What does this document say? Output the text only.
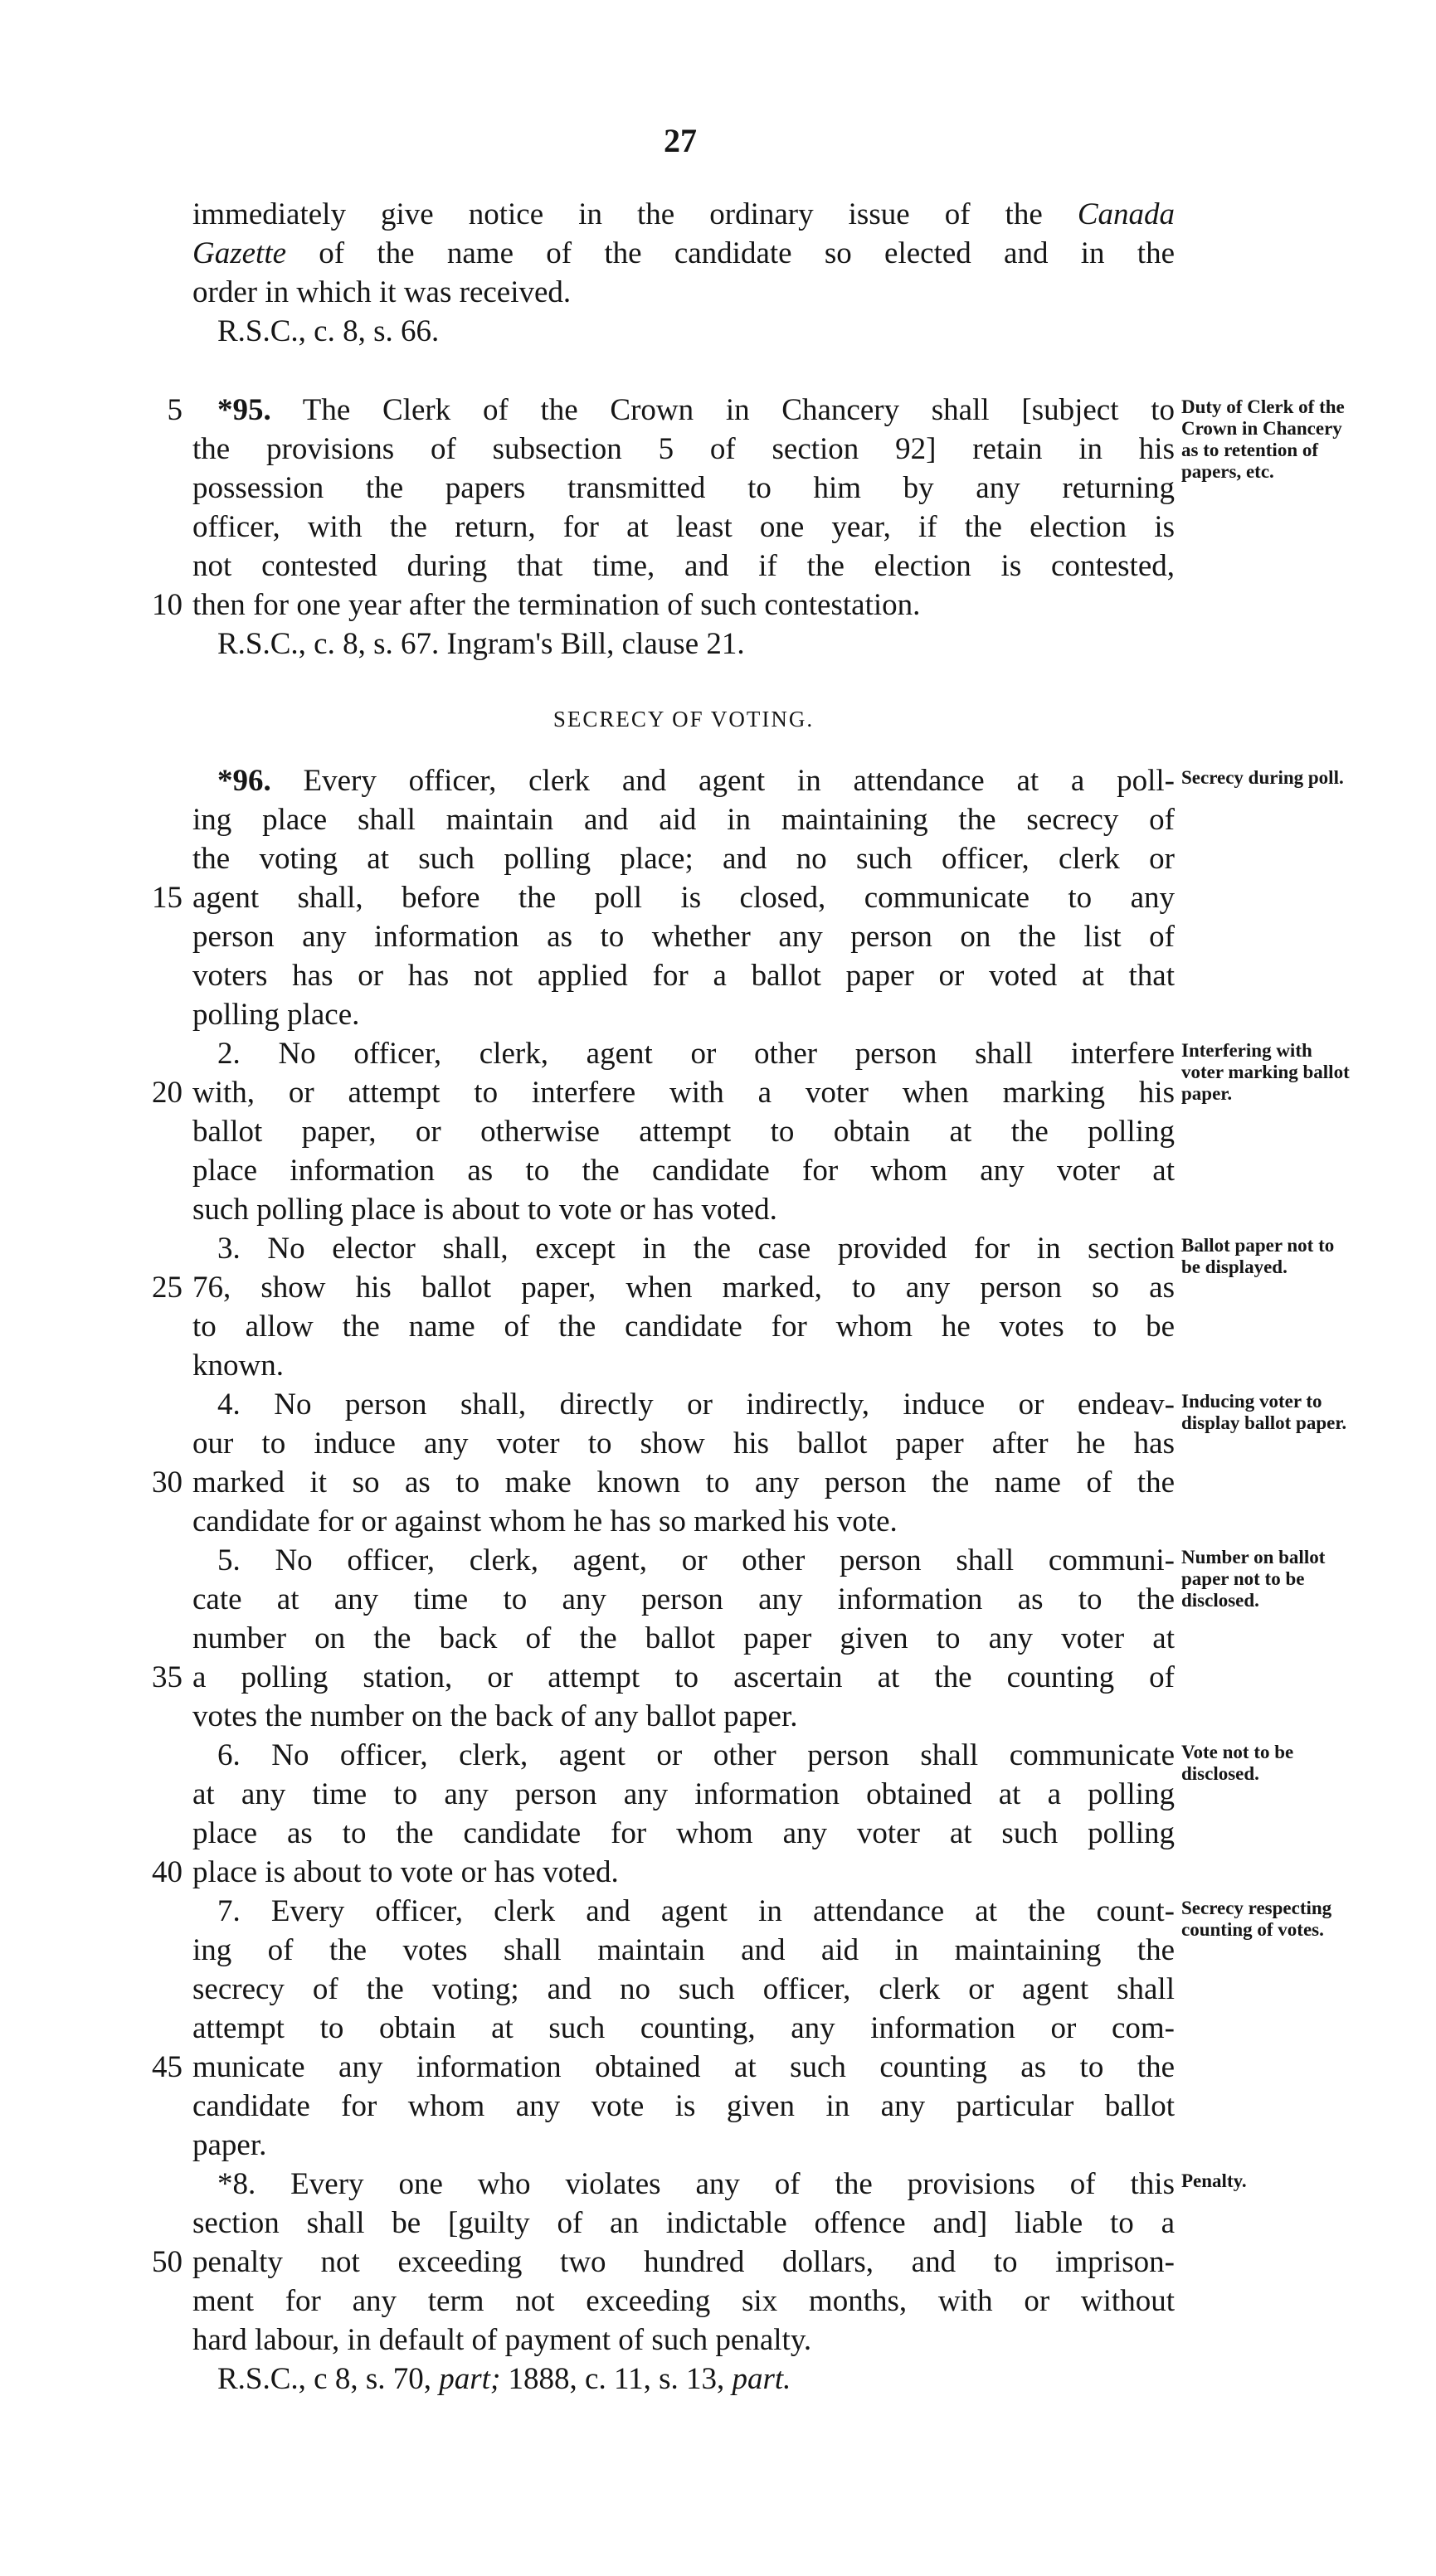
27
immediately give notice in the ordinary issue of the Canada
Gazette of the name of the candidate so elected and in the
order in which it was received.
R.S.C., c. 8, s. 66.
*95. The Clerk of the Crown in Chancery shall [subject to
the provisions of subsection 5 of section 92] retain in his
possession the papers transmitted to him by any returning
officer, with the return, for at least one year, if the election is
not contested during that time, and if the election is contested,
then for one year after the termination of such contestation.
R.S.C., c. 8, s. 67. Ingram's Bill, clause 21.
SECRECY OF VOTING.
*96. Every officer, clerk and agent in attendance at a poll-
ing place shall maintain and aid in maintaining the secrecy of
the voting at such polling place; and no such officer, clerk or
agent shall, before the poll is closed, communicate to any
person any information as to whether any person on the list of
voters has or has not applied for a ballot paper or voted at that
polling place.
2. No officer, clerk, agent or other person shall interfere
with, or attempt to interfere with a voter when marking his
ballot paper, or otherwise attempt to obtain at the polling
place information as to the candidate for whom any voter at
such polling place is about to vote or has voted.
3. No elector shall, except in the case provided for in section
76, show his ballot paper, when marked, to any person so as
to allow the name of the candidate for whom he votes to be
known.
4. No person shall, directly or indirectly, induce or endeav-
our to induce any voter to show his ballot paper after he has
marked it so as to make known to any person the name of the
candidate for or against whom he has so marked his vote.
5. No officer, clerk, agent, or other person shall communi-
cate at any time to any person any information as to the
number on the back of the ballot paper given to any voter at
a polling station, or attempt to ascertain at the counting of
votes the number on the back of any ballot paper.
6. No officer, clerk, agent or other person shall communicate
at any time to any person any information obtained at a polling
place as to the candidate for whom any voter at such polling
place is about to vote or has voted.
7. Every officer, clerk and agent in attendance at the count-
ing of the votes shall maintain and aid in maintaining the
secrecy of the voting; and no such officer, clerk or agent shall
attempt to obtain at such counting, any information or com-
municate any information obtained at such counting as to the
candidate for whom any vote is given in any particular ballot
paper.
*8. Every one who violates any of the provisions of this
section shall be [guilty of an indictable offence and] liable to a
penalty not exceeding two hundred dollars, and to imprison-
ment for any term not exceeding six months, with or without
hard labour, in default of payment of such penalty.
R.S.C., c 8, s. 70, part; 1888, c. 11, s. 13, part.
5
10
15
20
25
30
35
40
45
50
Duty of Clerk of the Crown in Chancery as to retention of papers, etc.
Secrecy during poll.
Interfering with voter marking ballot paper.
Ballot paper not to be displayed.
Inducing voter to display ballot paper.
Number on ballot paper not to be disclosed.
Vote not to be disclosed.
Secrecy respecting counting of votes.
Penalty.
